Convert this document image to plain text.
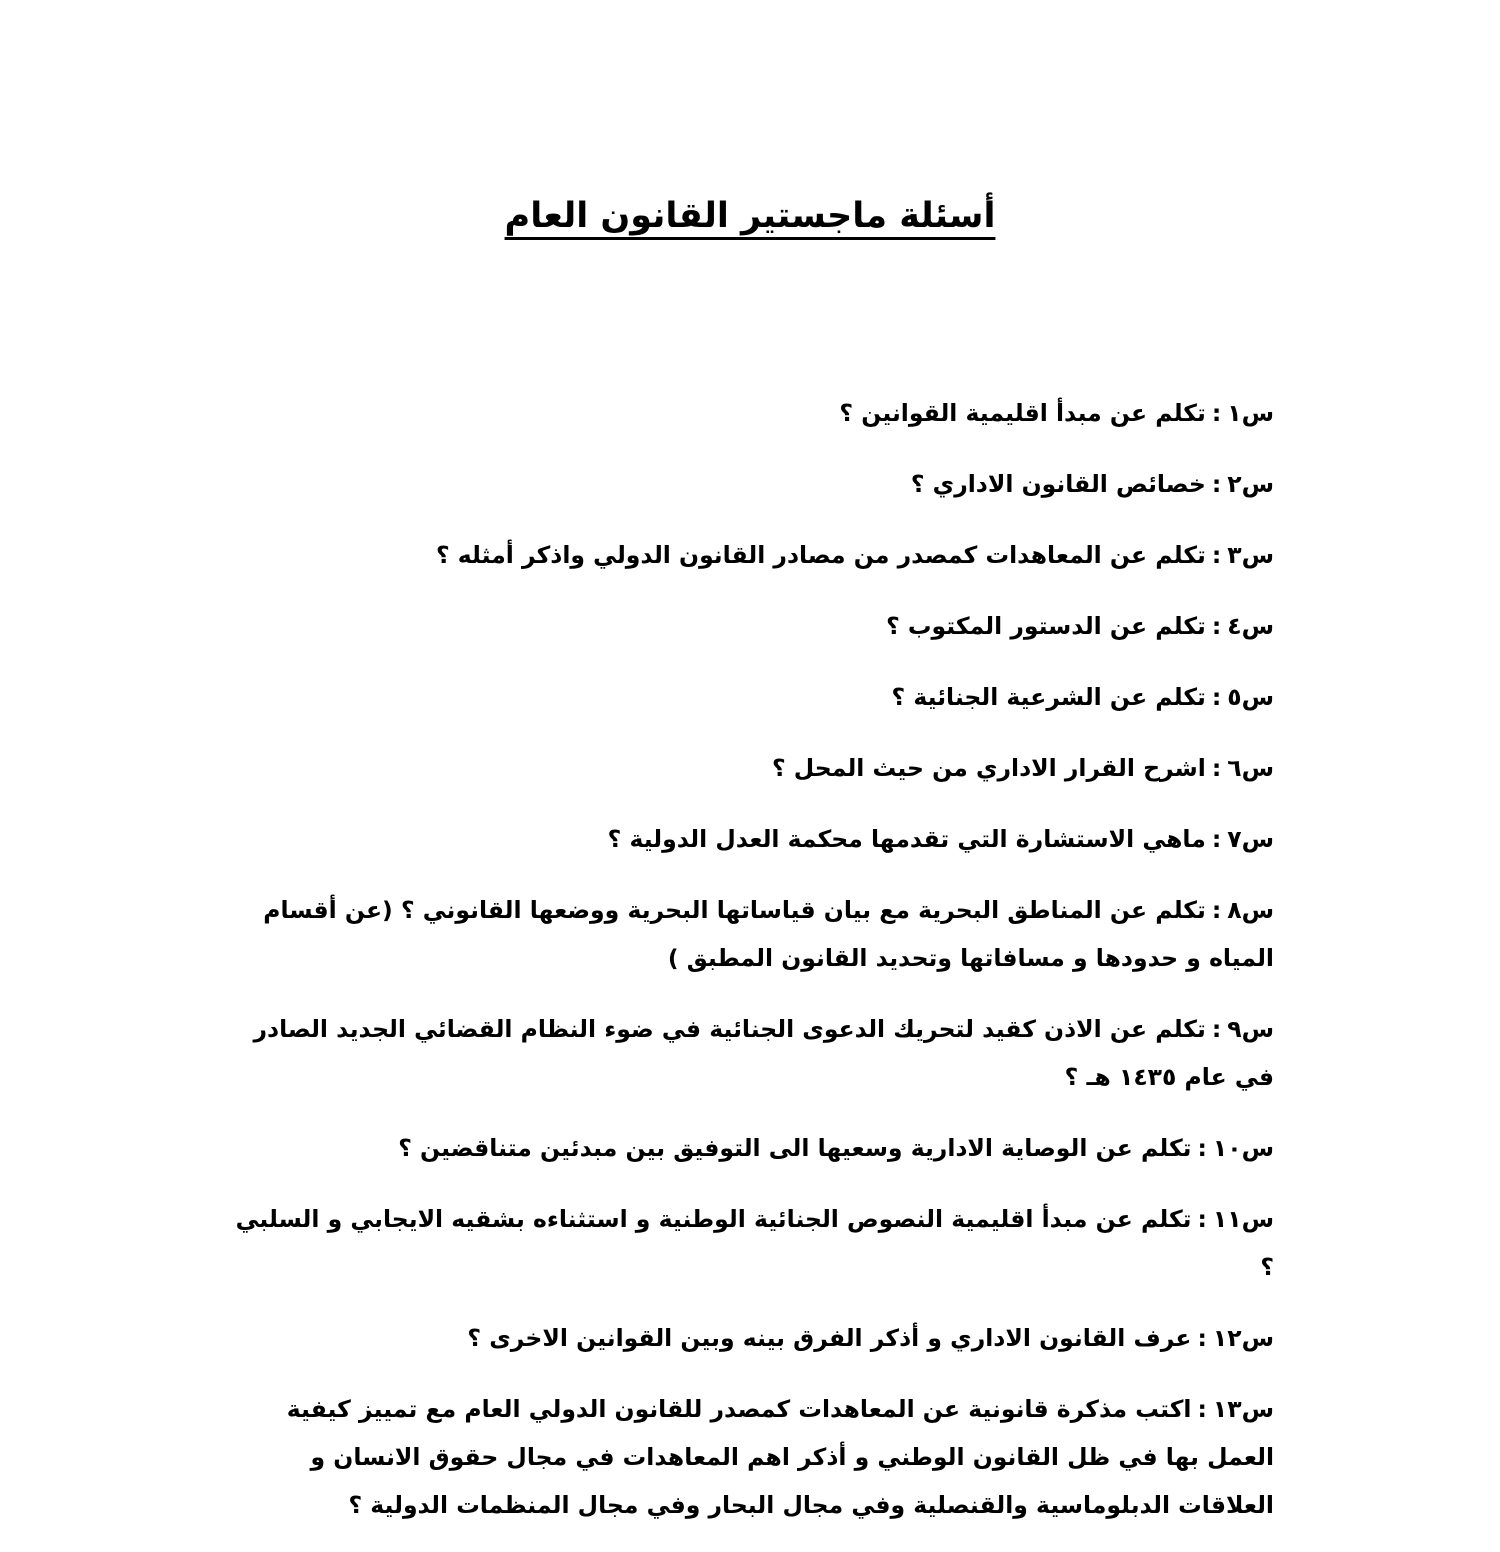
أسئلة ماجستير القانون العام
س١:تكلم عن مبدأ اقليمية القوانين ؟
س٢:خصائص القانون الاداري ؟
س٣:تكلم عن المعاهدات كمصدر من مصادر القانون الدولي واذكر أمثله ؟
س٤:تكلم عن الدستور المكتوب ؟
س٥:تكلم عن الشرعية الجنائية ؟
س٦:اشرح القرار الاداري من حيث المحل ؟
س٧:ماهي الاستشارة التي تقدمها محكمة العدل الدولية ؟
س٨:تكلم عن المناطق البحرية مع بيان قياساتها البحرية ووضعها القانوني ؟ (عن أقسام المياه و حدودها و مسافاتها وتحديد القانون المطبق )
س٩:تكلم عن الاذن كقيد لتحريك الدعوى الجنائية في ضوء النظام القضائي الجديد الصادر في عام ١٤٣٥ هـ ؟
س١٠:تكلم عن الوصاية الادارية وسعيها الى التوفيق بين مبدئين متناقضين ؟
س١١:تكلم عن مبدأ اقليمية النصوص الجنائية الوطنية و استثناءه بشقيه الايجابي و السلبي ؟
س١٢:عرف القانون الاداري و أذكر الفرق بينه وبين القوانين الاخرى ؟
س١٣:اكتب مذكرة قانونية عن المعاهدات كمصدر للقانون الدولي العام مع تمييز كيفية العمل بها في ظل القانون الوطني و أذكر اهم المعاهدات في مجال حقوق الانسان و العلاقات الدبلوماسية والقنصلية وفي مجال البحار وفي مجال المنظمات الدولية ؟
